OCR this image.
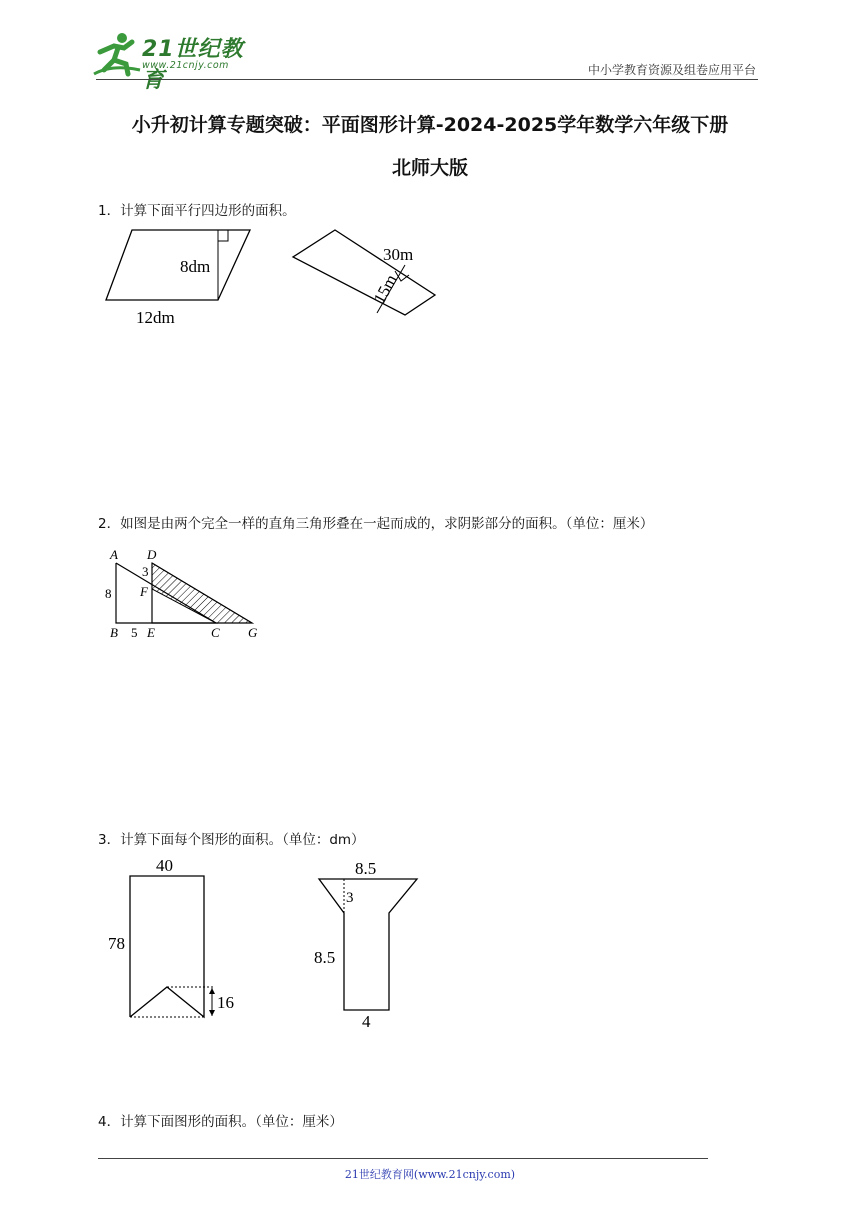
21世纪教育
www.21cnjy.com	中小学教育资源及组卷应用平台
小升初计算专题突破：平面图形计算-2024-2025学年数学六年级下册
北师大版
1．计算下面平行四边形的面积。
8dm
12dm
30m
15m
2．如图是由两个完全一样的直角三角形叠在一起而成的，求阴影部分的面积。（单位：厘米）
A D
3
F
8
B 5 E	C G
3．计算下面每个图形的面积。（单位：dm）
40
78
16
8.5
3
8.5
4
4．计算下面图形的面积。（单位：厘米）
21世纪教育网(www.21cnjy.com)
